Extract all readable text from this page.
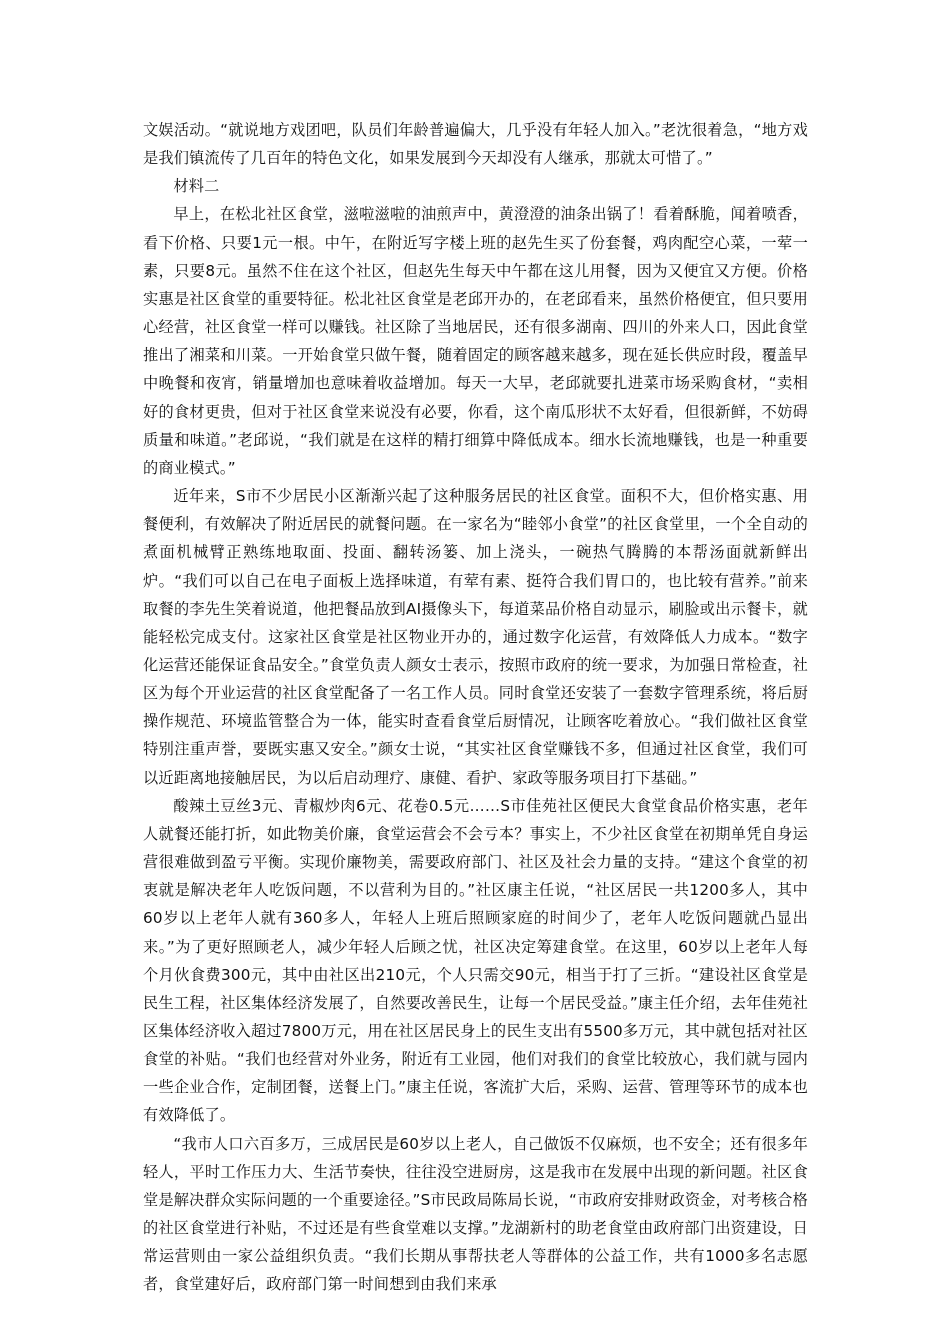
文娱活动。“就说地方戏团吧，队员们年龄普遍偏大，几乎没有年轻人加入。”老沈很着急，“地方戏是我们镇流传了几百年的特色文化，如果发展到今天却没有人继承，那就太可惜了。”

材料二

早上，在松北社区食堂，滋啦滋啦的油煎声中，黄澄澄的油条出锅了！看着酥脆，闻着喷香，看下价格、只要1元一根。中午，在附近写字楼上班的赵先生买了份套餐，鸡肉配空心菜，一荤一素，只要8元。虽然不住在这个社区，但赵先生每天中午都在这儿用餐，因为又便宜又方便。价格实惠是社区食堂的重要特征。松北社区食堂是老邱开办的，在老邱看来，虽然价格便宜，但只要用心经营，社区食堂一样可以赚钱。社区除了当地居民，还有很多湖南、四川的外来人口，因此食堂推出了湘菜和川菜。一开始食堂只做午餐，随着固定的顾客越来越多，现在延长供应时段，覆盖早中晚餐和夜宵，销量增加也意味着收益增加。每天一大早，老邱就要扎进菜市场采购食材，“卖相好的食材更贵，但对于社区食堂来说没有必要，你看，这个南瓜形状不太好看，但很新鲜，不妨碍质量和味道。”老邱说，“我们就是在这样的精打细算中降低成本。细水长流地赚钱，也是一种重要的商业模式。”

近年来，S市不少居民小区渐渐兴起了这种服务居民的社区食堂。面积不大，但价格实惠、用餐便利，有效解决了附近居民的就餐问题。在一家名为“睦邻小食堂”的社区食堂里，一个全自动的煮面机械臂正熟练地取面、投面、翻转汤篓、加上浇头，一碗热气腾腾的本帮汤面就新鲜出炉。“我们可以自己在电子面板上选择味道，有荤有素、挺符合我们胃口的，也比较有营养。”前来取餐的李先生笑着说道，他把餐品放到AI摄像头下，每道菜品价格自动显示，刷脸或出示餐卡，就能轻松完成支付。这家社区食堂是社区物业开办的，通过数字化运营，有效降低人力成本。“数字化运营还能保证食品安全。”食堂负责人颜女士表示，按照市政府的统一要求，为加强日常检查，社区为每个开业运营的社区食堂配备了一名工作人员。同时食堂还安装了一套数字管理系统，将后厨操作规范、环境监管整合为一体，能实时查看食堂后厨情况，让顾客吃着放心。“我们做社区食堂特别注重声誉，要既实惠又安全。”颜女士说，“其实社区食堂赚钱不多，但通过社区食堂，我们可以近距离地接触居民，为以后启动理疗、康健、看护、家政等服务项目打下基础。”

酸辣土豆丝3元、青椒炒肉6元、花卷0.5元……S市佳苑社区便民大食堂食品价格实惠，老年人就餐还能打折，如此物美价廉，食堂运营会不会亏本？事实上，不少社区食堂在初期单凭自身运营很难做到盈亏平衡。实现价廉物美，需要政府部门、社区及社会力量的支持。“建这个食堂的初衷就是解决老年人吃饭问题，不以营利为目的。”社区康主任说，“社区居民一共1200多人，其中60岁以上老年人就有360多人，年轻人上班后照顾家庭的时间少了，老年人吃饭问题就凸显出来。”为了更好照顾老人，减少年轻人后顾之忧，社区决定筹建食堂。在这里，60岁以上老年人每个月伙食费300元，其中由社区出210元，个人只需交90元，相当于打了三折。“建设社区食堂是民生工程，社区集体经济发展了，自然要改善民生，让每一个居民受益。”康主任介绍，去年佳苑社区集体经济收入超过7800万元，用在社区居民身上的民生支出有5500多万元，其中就包括对社区食堂的补贴。“我们也经营对外业务，附近有工业园，他们对我们的食堂比较放心，我们就与园内一些企业合作，定制团餐，送餐上门。”康主任说，客流扩大后，采购、运营、管理等环节的成本也有效降低了。

“我市人口六百多万，三成居民是60岁以上老人，自己做饭不仅麻烦，也不安全；还有很多年轻人，平时工作压力大、生活节奏快，往往没空进厨房，这是我市在发展中出现的新问题。社区食堂是解决群众实际问题的一个重要途径。”S市民政局陈局长说，“市政府安排财政资金，对考核合格的社区食堂进行补贴，不过还是有些食堂难以支撑。”龙湖新村的助老食堂由政府部门出资建设，日常运营则由一家公益组织负责。“我们长期从事帮扶老人等群体的公益工作，共有1000多名志愿者，食堂建好后，政府部门第一时间想到由我们来承
